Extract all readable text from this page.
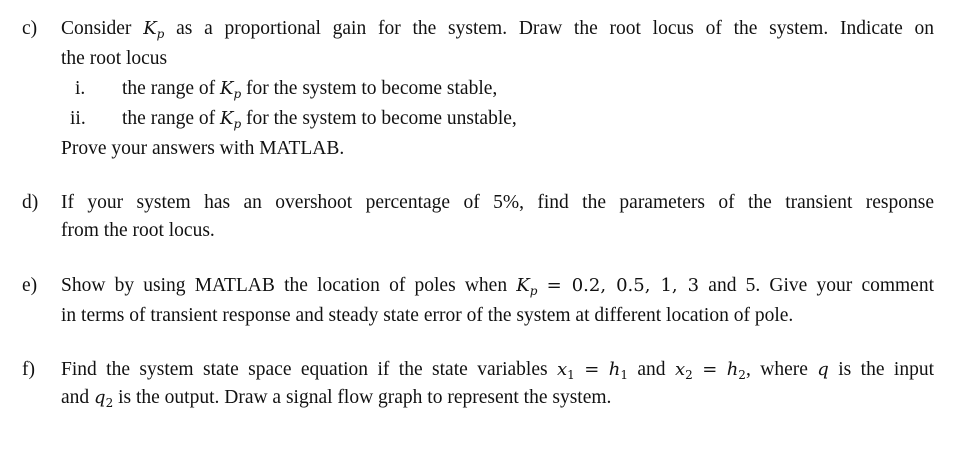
c) Consider $K_p$ as a proportional gain for the system. Draw the root locus of the system. Indicate on
the root locus
i. the range of $K_p$ for the system to become stable,
ii. the range of $K_p$ for the system to become unstable,
Prove your answers with MATLAB.
d) If your system has an overshoot percentage of 5%, find the parameters of the transient response
from the root locus.
e) Show by using MATLAB the location of poles when $K_p = 0.2$, 0.5, 1, 3 and 5. Give your comment
in terms of transient response and steady state error of the system at different location of pole.
f) Find the system state space equation if the state variables $x_1 = h_1$ and $x_2 = h_2$, where q is the input
and $q_2$ is the output. Draw a signal flow graph to represent the system.
